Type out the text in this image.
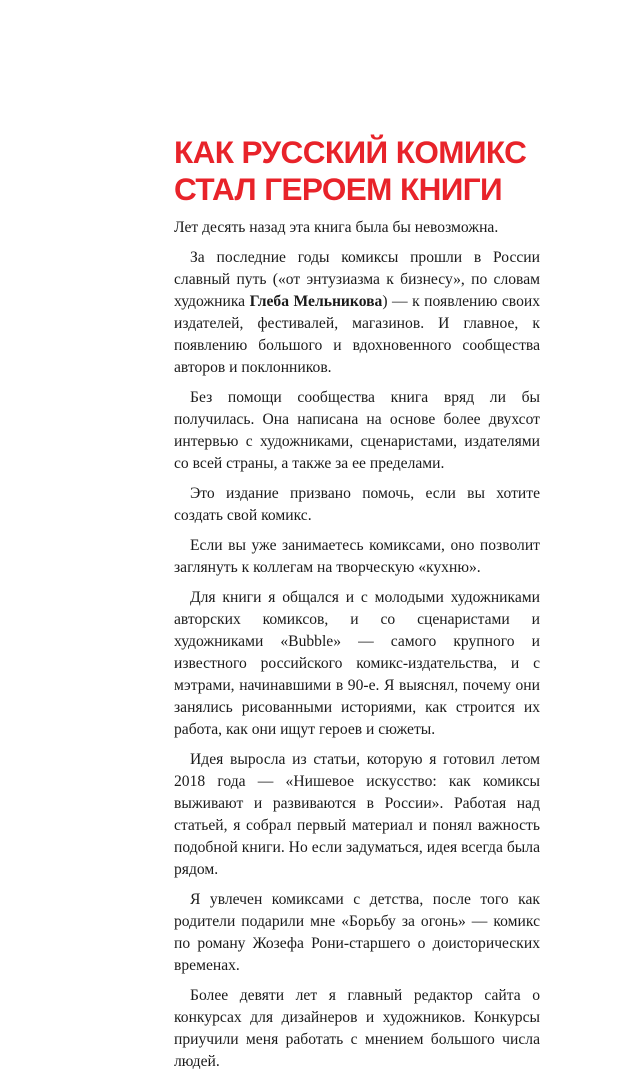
КАК РУССКИЙ КОМИКС
СТАЛ ГЕРОЕМ КНИГИ

Лет десять назад эта книга была бы невозможна.

За последние годы комиксы прошли в России славный путь («от энтузиазма к бизнесу», по словам художника Глеба Мельникова) — к появлению своих издателей, фестивалей, магазинов. И главное, к появлению большого и вдохновенного сообщества авторов и поклонников.

Без помощи сообщества книга вряд ли бы получилась. Она написана на основе более двухсот интервью с художниками, сценаристами, издателями со всей страны, а также за ее пределами.

Это издание призвано помочь, если вы хотите создать свой комикс.

Если вы уже занимаетесь комиксами, оно позволит заглянуть к коллегам на творческую «кухню».

Для книги я общался и с молодыми художниками авторских комиксов, и со сценаристами и художниками «Bubble» — самого крупного и известного российского комикс-издательства, и с мэтрами, начинавшими в 90-е. Я выяснял, почему они занялись рисованными историями, как строится их работа, как они ищут героев и сюжеты.

Идея выросла из статьи, которую я готовил летом 2018 года — «Нишевое искусство: как комиксы выживают и развиваются в России». Работая над статьей, я собрал первый материал и понял важность подобной книги. Но если задуматься, идея всегда была рядом.

Я увлечен комиксами с детства, после того как родители подарили мне «Борьбу за огонь» — комикс по роману Жозефа Рони-старшего о доисторических временах.

Более девяти лет я главный редактор сайта о конкурсах для дизайнеров и художников. Конкурсы приучили меня работать с мнением большого числа людей.
